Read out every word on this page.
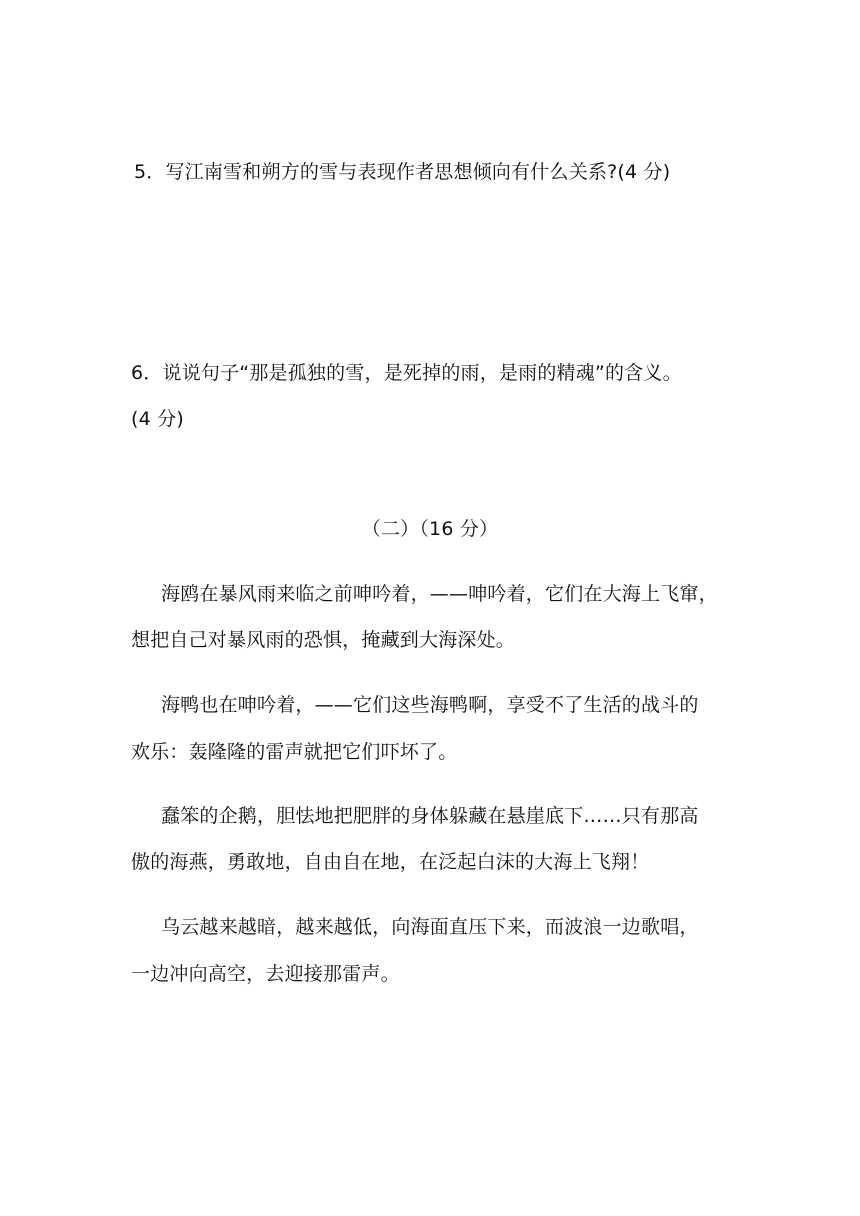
5．写江南雪和朔方的雪与表现作者思想倾向有什么关系?(4 分)
6．说说句子“那是孤独的雪，是死掉的雨，是雨的精魂”的含义。
(4 分)
（二）（16 分）
海鸥在暴风雨来临之前呻吟着，——呻吟着，它们在大海上飞窜，
想把自己对暴风雨的恐惧，掩藏到大海深处。
海鸭也在呻吟着，——它们这些海鸭啊，享受不了生活的战斗的
欢乐：轰隆隆的雷声就把它们吓坏了。
蠢笨的企鹅，胆怯地把肥胖的身体躲藏在悬崖底下……只有那高
傲的海燕，勇敢地，自由自在地，在泛起白沫的大海上飞翔！
乌云越来越暗，越来越低，向海面直压下来，而波浪一边歌唱，
一边冲向高空，去迎接那雷声。
